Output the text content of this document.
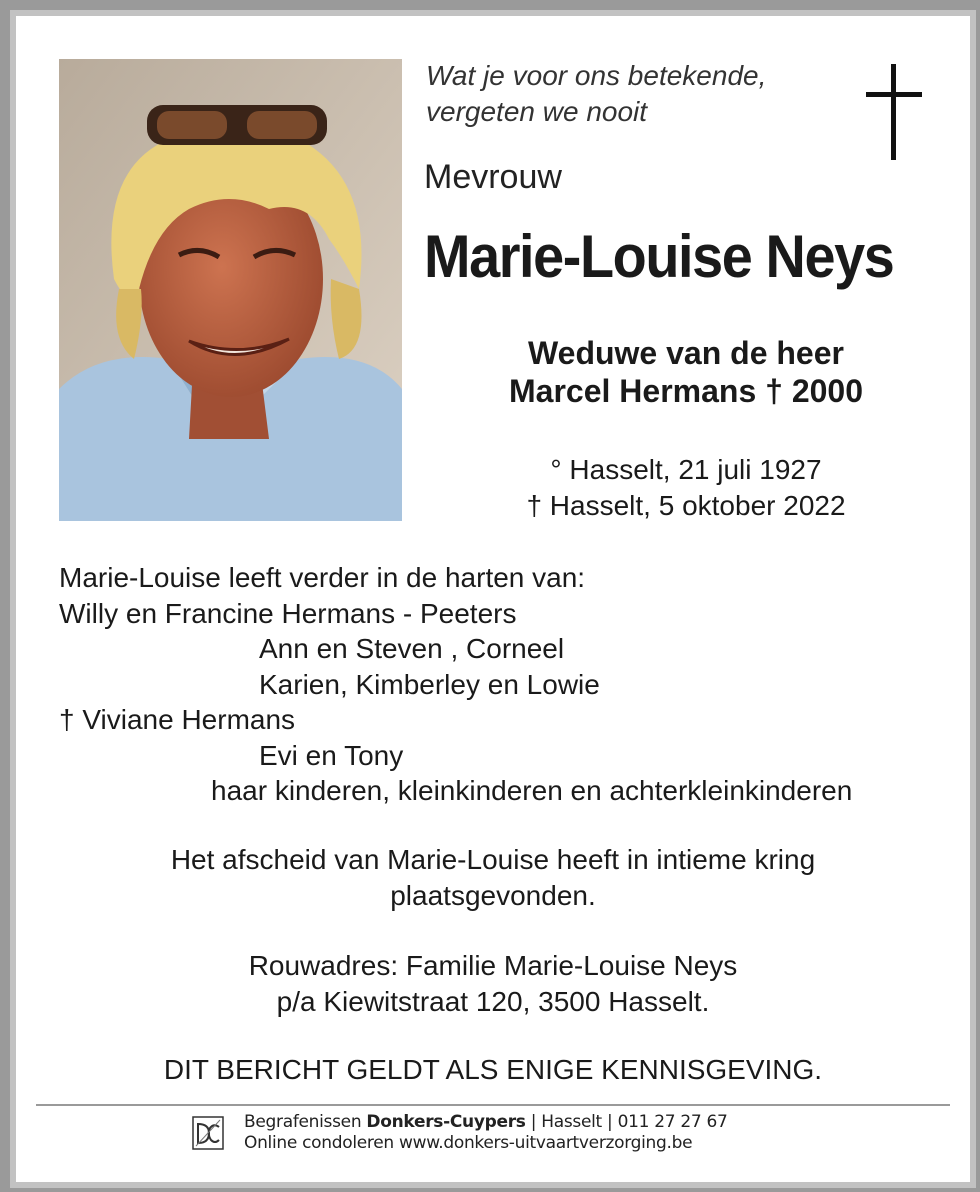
Wat je voor ons betekende,
vergeten we nooit
Mevrouw
Marie-Louise Neys
Weduwe van de heer
Marcel Hermans † 2000
° Hasselt, 21 juli 1927
† Hasselt, 5 oktober 2022
Marie-Louise leeft verder in de harten van:
Willy en Francine Hermans - Peeters
Ann en Steven , Corneel
Karien, Kimberley en Lowie
† Viviane Hermans
Evi en Tony
haar kinderen, kleinkinderen en achterkleinkinderen
Het afscheid van Marie-Louise heeft in intieme kring
plaatsgevonden.
Rouwadres: Familie Marie-Louise Neys
p/a Kiewitstraat 120, 3500 Hasselt.
DIT BERICHT GELDT ALS ENIGE KENNISGEVING.
Begrafenissen Donkers-Cuypers | Hasselt | 011 27 27 67
Online condoleren www.donkers-uitvaartverzorging.be
